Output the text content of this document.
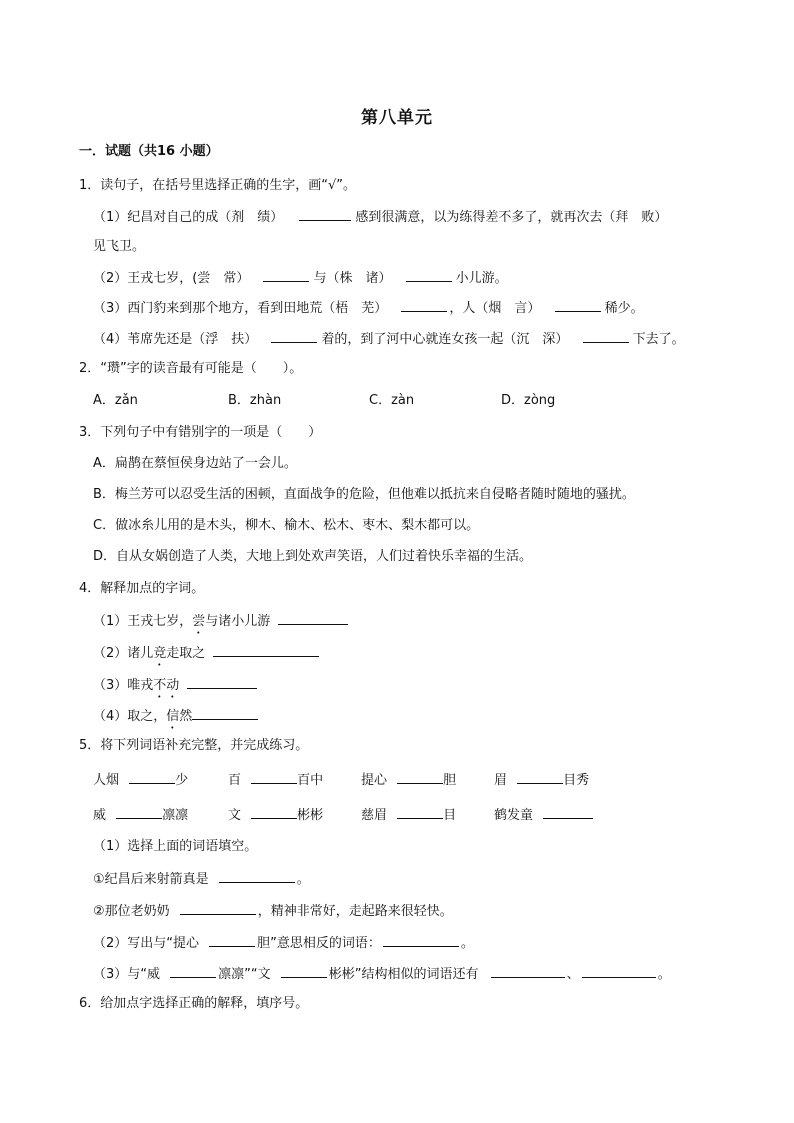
第八单元
一．试题（共16 小题）
1．读句子，在括号里选择正确的生字，画“√”。
（1）纪昌对自己的成（剂　绩）	感到很满意，以为练得差不多了，就再次去（拜　败）
见飞卫。
（2）王戎七岁，(尝　常）	与（株　诸）	小儿游。
（3）西门豹来到那个地方，看到田地荒（梧　芜）	，人（烟　言）	稀少。
（4）苇席先还是（浮　扶）	着的，到了河中心就连女孩一起（沉　深）	下去了。
2．“瓒”字的读音最有可能是（　　）。
A．zǎn	B．zhàn	C．zàn	D．zòng
3．下列句子中有错别字的一项是（　　）
A．扁鹊在蔡恒侯身边站了一会儿。
B．梅兰芳可以忍受生活的困顿，直面战争的危险，但他难以抵抗来自侵略者随时随地的骚扰。
C．做冰糸儿用的是木头，柳木、榆木、松木、枣木、梨木都可以。
D．自从女娲创造了人类，大地上到处欢声笑语，人们过着快乐幸福的生活。
4．解释加点的字词。
（1）王戎七岁，尝与诸小儿游
（2）诸儿竞走取之
（3）唯戎不动
（4）取之，信然
5．将下列词语补充完整，并完成练习。
人烟	少	百	百中	提心	胆	眉	目秀
威	凛凛	文	彬彬	慈眉	目	鹤发童
（1）选择上面的词语填空。
①纪昌后来射箭真是	。
②那位老奶奶	，精神非常好，走起路来很轻快。
（2）写出与“提心	胆”意思相反的词语：	。
（3）与“威	凛凛”“文	彬彬”结构相似的词语还有	、	。
6．给加点字选择正确的解释，填序号。
